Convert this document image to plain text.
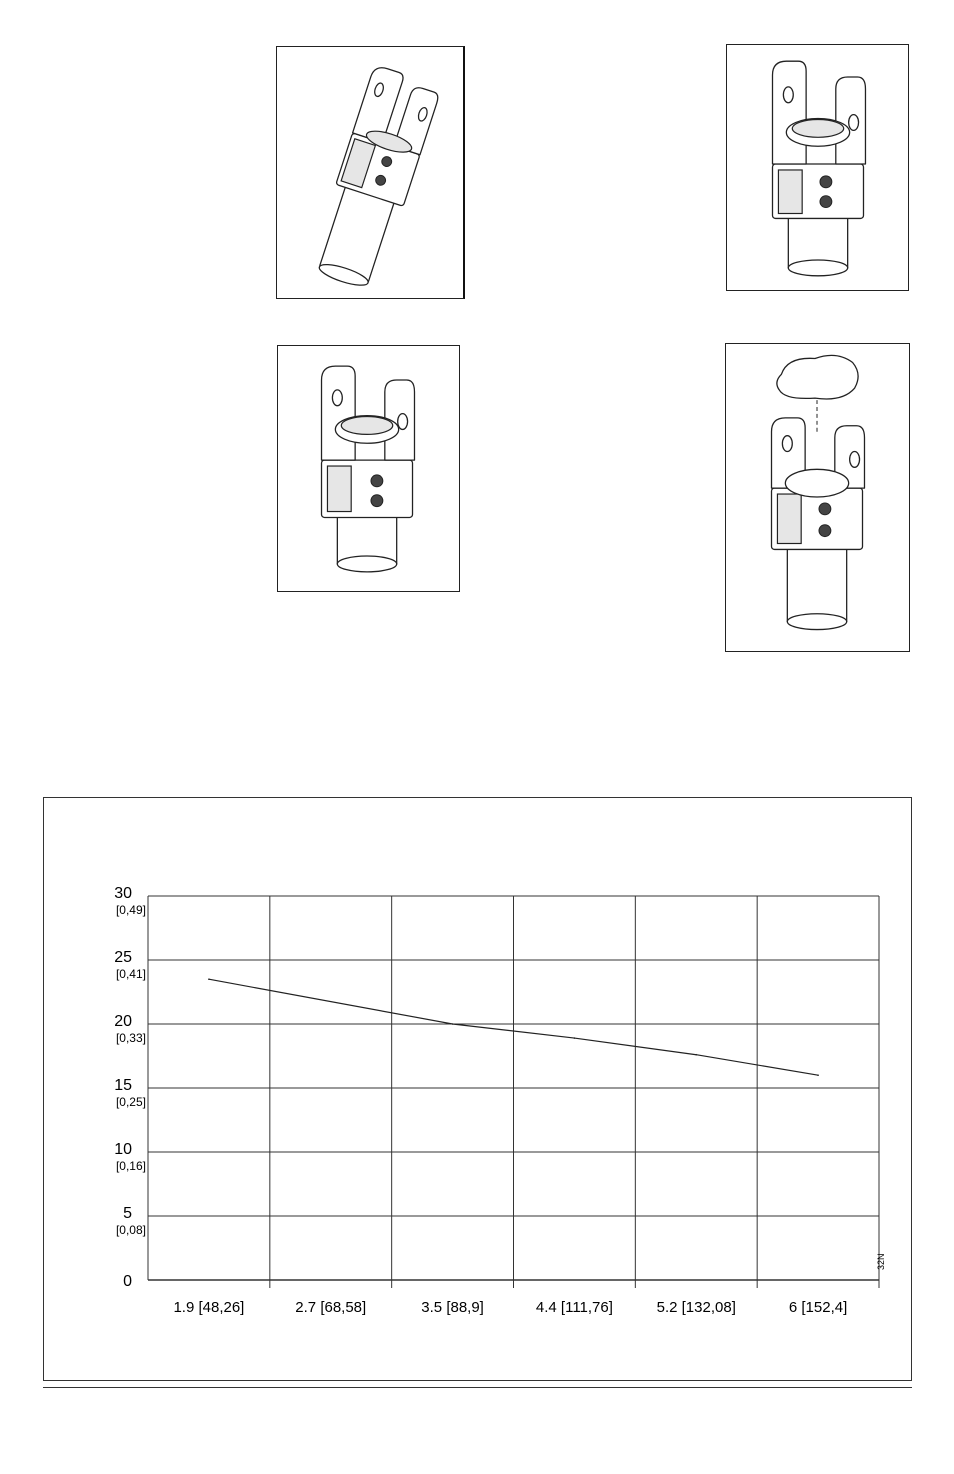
30
[0,49]
25
[0,41]
20
[0,33]
15
[0,25]
10
[0,16]
5
[0,08]
0
1.9 [48,26]	2.7 [68,58]	3.5 [88,9]	4.4 [111,76]	5.2 [132,08]	6 [152,4]
32N
